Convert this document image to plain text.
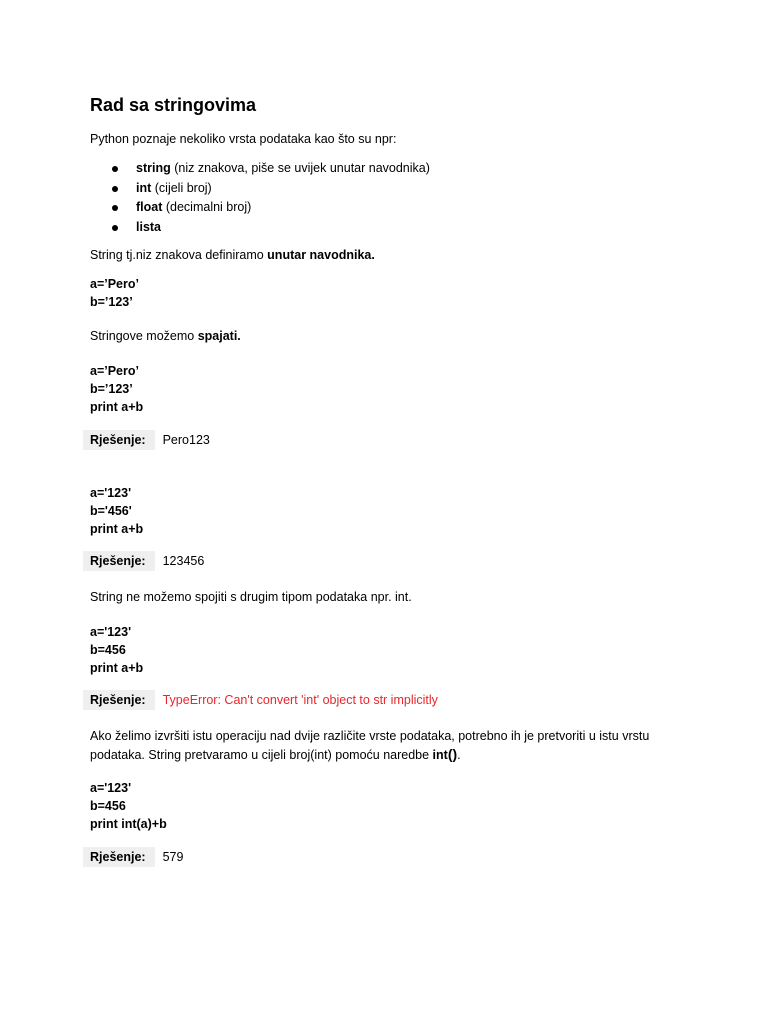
Rad sa stringovima
Python poznaje nekoliko vrsta podataka kao što su npr:
string (niz znakova, piše se uvijek unutar navodnika)
int (cijeli broj)
float (decimalni broj)
lista
String tj.niz znakova definiramo unutar navodnika.
a=’Pero’
b=’123’
Stringove možemo spajati.
a=’Pero’
b=’123’
print a+b
Rješenje:	Pero123
a='123'
b='456'
print a+b
Rješenje:	123456
String ne možemo spojiti s drugim tipom podataka npr. int.
a='123'
b=456
print a+b
Rješenje:	TypeError: Can't convert 'int' object to str implicitly
Ako želimo izvršiti istu operaciju nad dvije različite vrste podataka, potrebno ih je pretvoriti u istu vrstu
podataka. String pretvaramo u cijeli broj(int) pomoću naredbe int().
a='123'
b=456
print int(a)+b
Rješenje:	579
